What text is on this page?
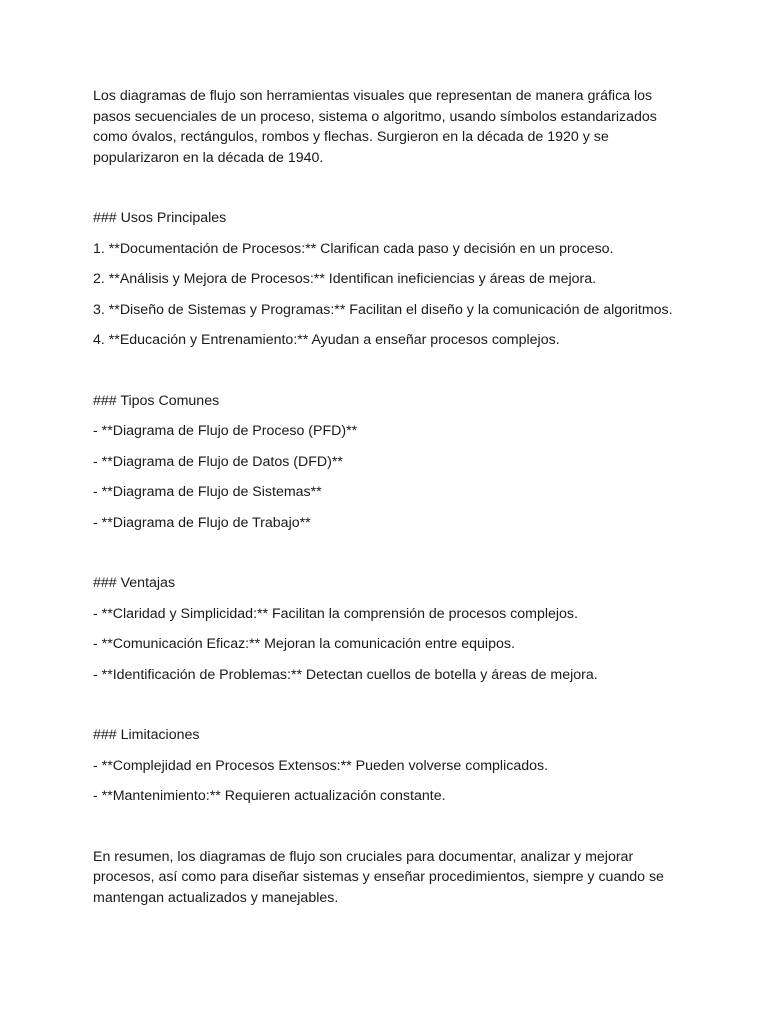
Los diagramas de flujo son herramientas visuales que representan de manera gráfica los pasos secuenciales de un proceso, sistema o algoritmo, usando símbolos estandarizados como óvalos, rectángulos, rombos y flechas. Surgieron en la década de 1920 y se popularizaron en la década de 1940.

### Usos Principales

1. **Documentación de Procesos:** Clarifican cada paso y decisión en un proceso.

2. **Análisis y Mejora de Procesos:** Identifican ineficiencias y áreas de mejora.

3. **Diseño de Sistemas y Programas:** Facilitan el diseño y la comunicación de algoritmos.

4. **Educación y Entrenamiento:** Ayudan a enseñar procesos complejos.

### Tipos Comunes

- **Diagrama de Flujo de Proceso (PFD)**

- **Diagrama de Flujo de Datos (DFD)**

- **Diagrama de Flujo de Sistemas**

- **Diagrama de Flujo de Trabajo**

### Ventajas

- **Claridad y Simplicidad:** Facilitan la comprensión de procesos complejos.

- **Comunicación Eficaz:** Mejoran la comunicación entre equipos.

- **Identificación de Problemas:** Detectan cuellos de botella y áreas de mejora.

### Limitaciones

- **Complejidad en Procesos Extensos:** Pueden volverse complicados.

- **Mantenimiento:** Requieren actualización constante.

En resumen, los diagramas de flujo son cruciales para documentar, analizar y mejorar procesos, así como para diseñar sistemas y enseñar procedimientos, siempre y cuando se mantengan actualizados y manejables.
